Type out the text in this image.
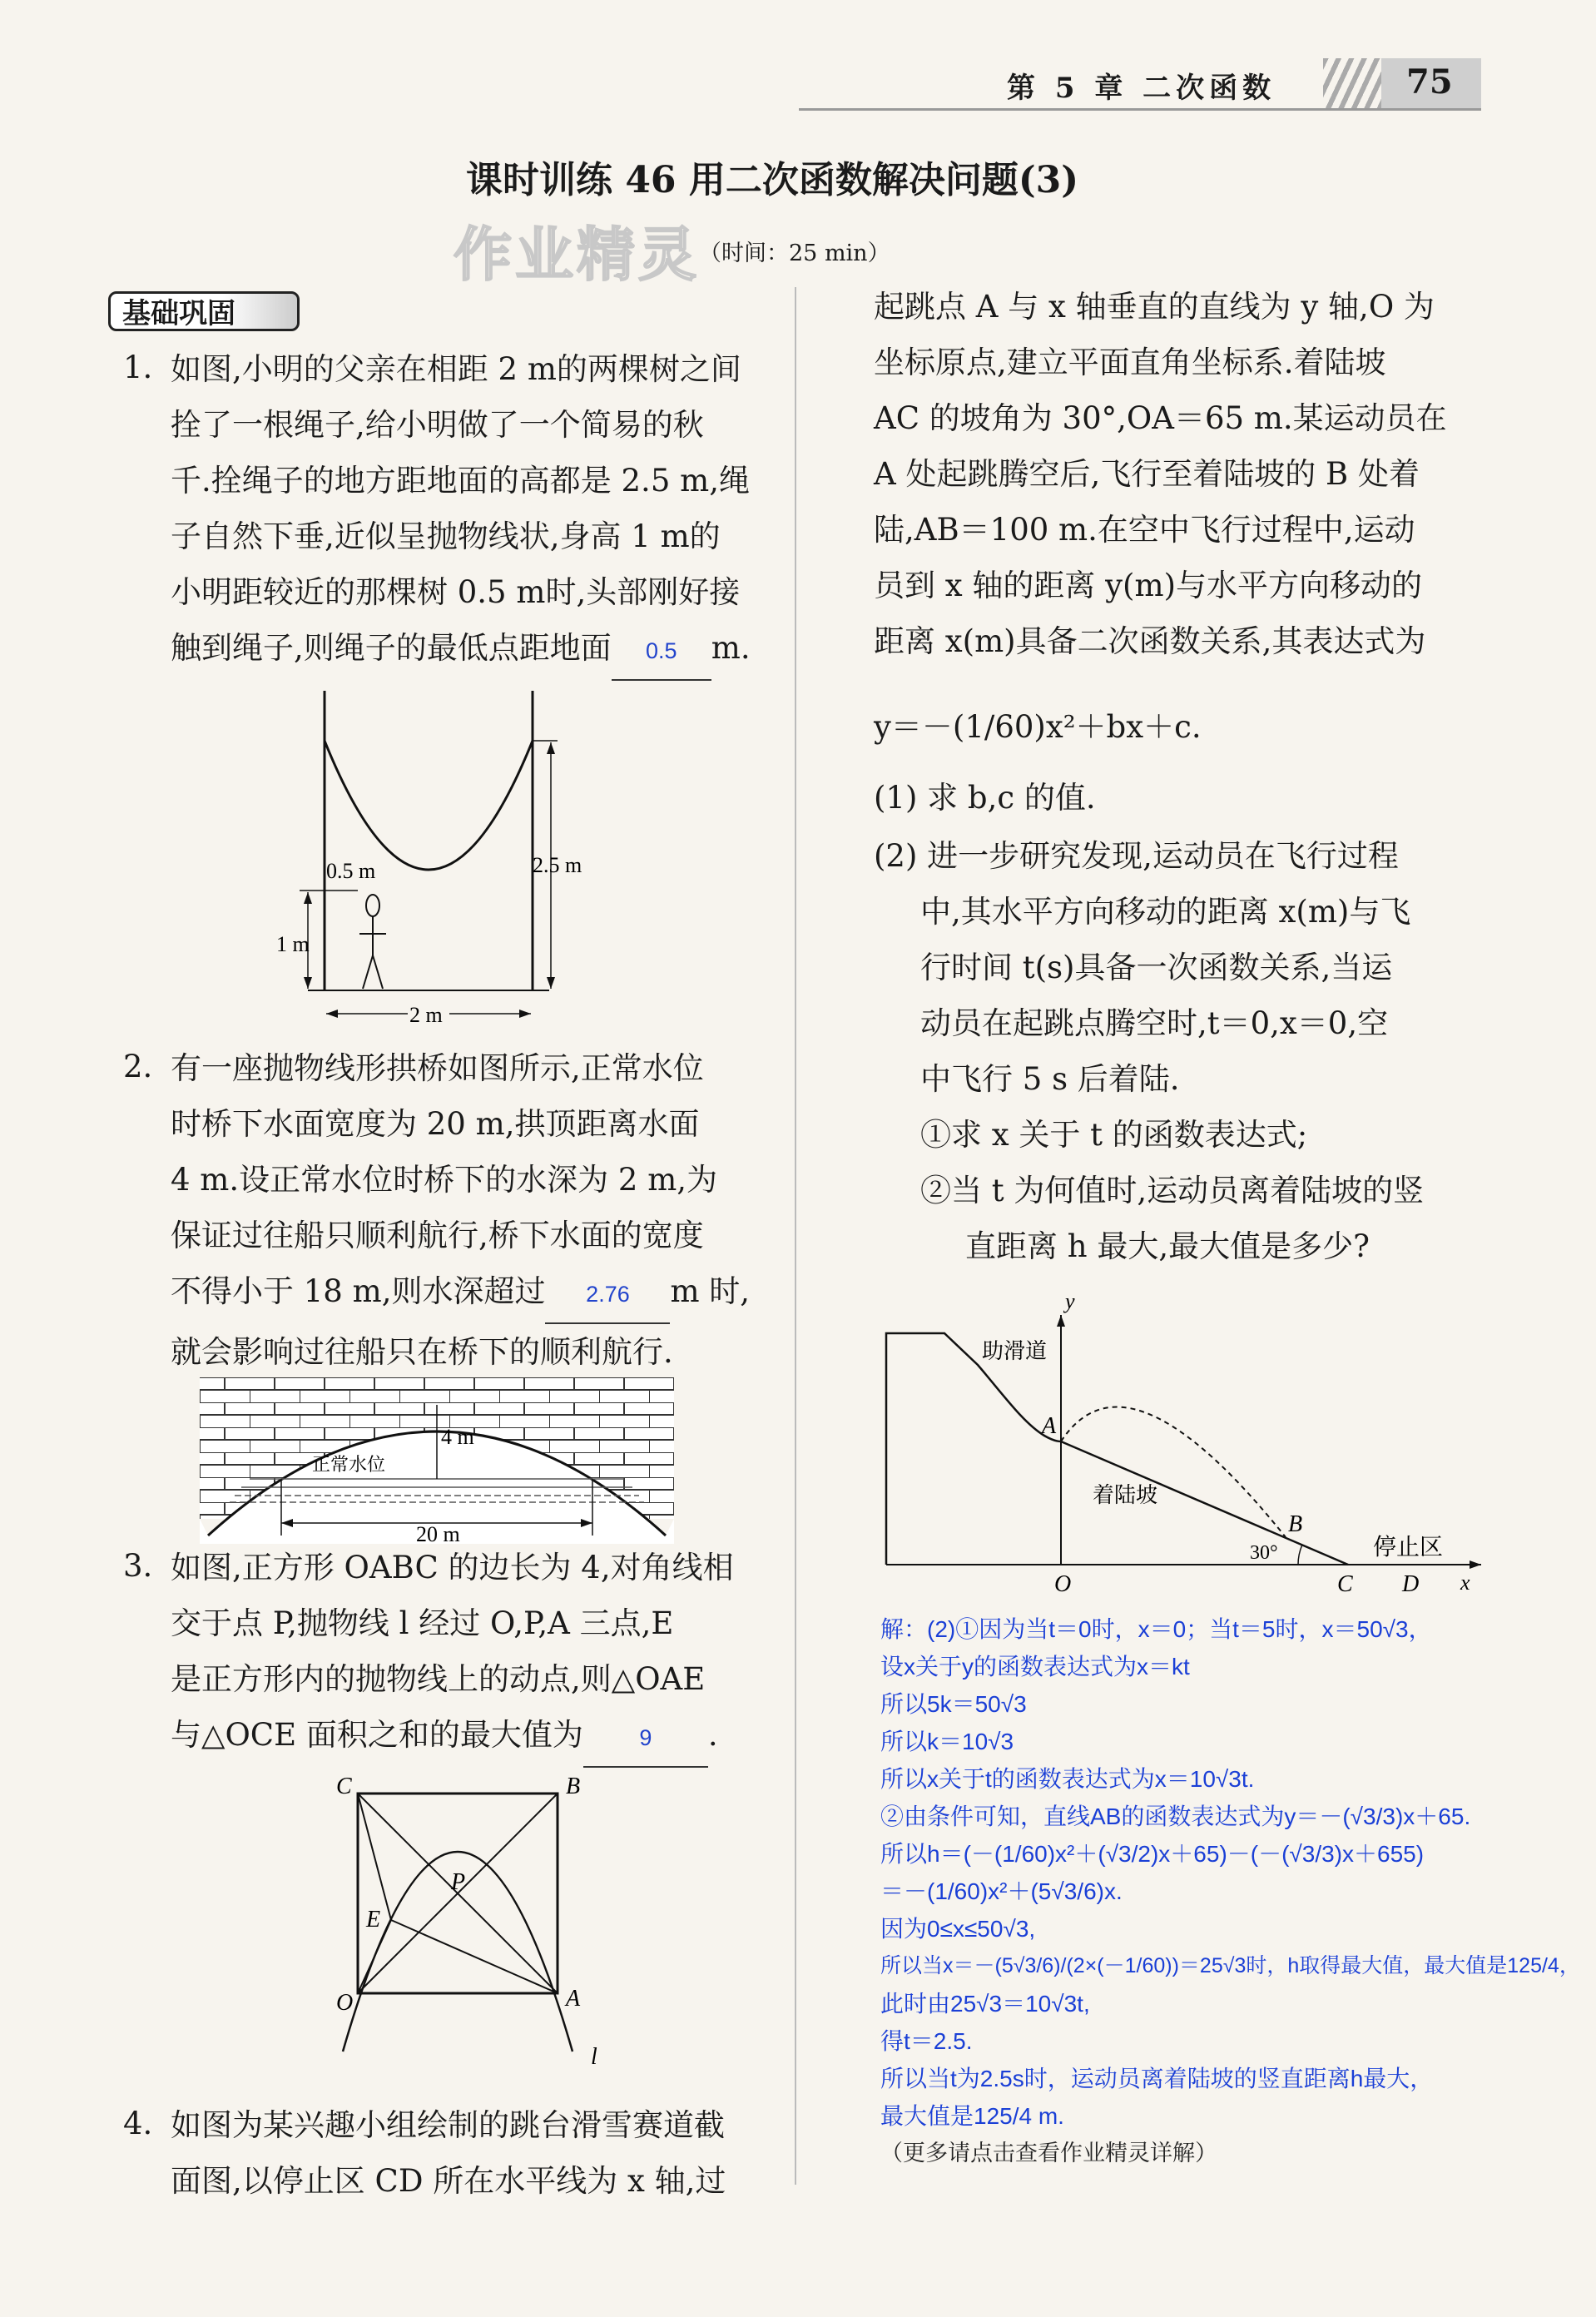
第 5 章 二次函数	75
课时训练 46 用二次函数解决问题(3)
作业精灵 （时间：25 min）
基础巩固
1. 如图,小明的父亲在相距 2 m的两棵树之间
拴了一根绳子,给小明做了一个简易的秋
千.拴绳子的地方距地面的高都是 2.5 m,绳
子自然下垂,近似呈抛物线状,身高 1 m的
小明距较近的那棵树 0.5 m时,头部刚好接
触到绳子,则绳子的最低点距地面 0.5 m.
2.5 m
1 m
0.5 m
2 m
2. 有一座抛物线形拱桥如图所示,正常水位
时桥下水面宽度为 20 m,拱顶距离水面
4 m.设正常水位时桥下的水深为 2 m,为
保证过往船只顺利航行,桥下水面的宽度
不得小于 18 m,则水深超过 2.76 m 时,
就会影响过往船只在桥下的顺利航行.
4 m
正常水位
20 m
3. 如图,正方形 OABC 的边长为 4,对角线相
交于点 P,抛物线 l 经过 O,P,A 三点,E
是正方形内的抛物线上的动点,则△OAE
与△OCE 面积之和的最大值为 9 .
C	B
P
E
O	A
l
4. 如图为某兴趣小组绘制的跳台滑雪赛道截
面图,以停止区 CD 所在水平线为 x 轴,过
起跳点 A 与 x 轴垂直的直线为 y 轴,O 为
坐标原点,建立平面直角坐标系.着陆坡
AC 的坡角为 30°,OA＝65 m.某运动员在
A 处起跳腾空后,飞行至着陆坡的 B 处着
陆,AB＝100 m.在空中飞行过程中,运动
员到 x 轴的距离 y(m)与水平方向移动的
距离 x(m)具备二次函数关系,其表达式为
y＝－(1/60)x²＋bx＋c.
(1) 求 b,c 的值.
(2) 进一步研究发现,运动员在飞行过程
中,其水平方向移动的距离 x(m)与飞
行时间 t(s)具备一次函数关系,当运
动员在起跳点腾空时,t＝0,x＝0,空
中飞行 5 s 后着陆.
①求 x 关于 t 的函数表达式;
②当 t 为何值时,运动员离着陆坡的竖
直距离 h 最大,最大值是多少?
y
x
O
A
B
C D
助滑道
着陆坡
停止区
30°
解：(2)①因为当t＝0时，x＝0；当t＝5时，x＝50√3，
设x关于y的函数表达式为x＝kt
所以5k＝50√3
所以k＝10√3
所以x关于t的函数表达式为x＝10√3t.
②由条件可知，直线AB的函数表达式为y＝－(√3/3)x＋65.
所以h＝(－(1/60)x²＋(√3/2)x＋65)－(－(√3/3)x＋655)
＝－(1/60)x²＋(5√3/6)x.
因为0≤x≤50√3,
所以当x＝－(5√3/6)/(2×(－1/60))＝25√3时，h取得最大值，最大值是125/4，
此时由25√3＝10√3t,
得t＝2.5.
所以当t为2.5s时，运动员离着陆坡的竖直距离h最大，
最大值是125/4 m.
（更多请点击查看作业精灵详解）
